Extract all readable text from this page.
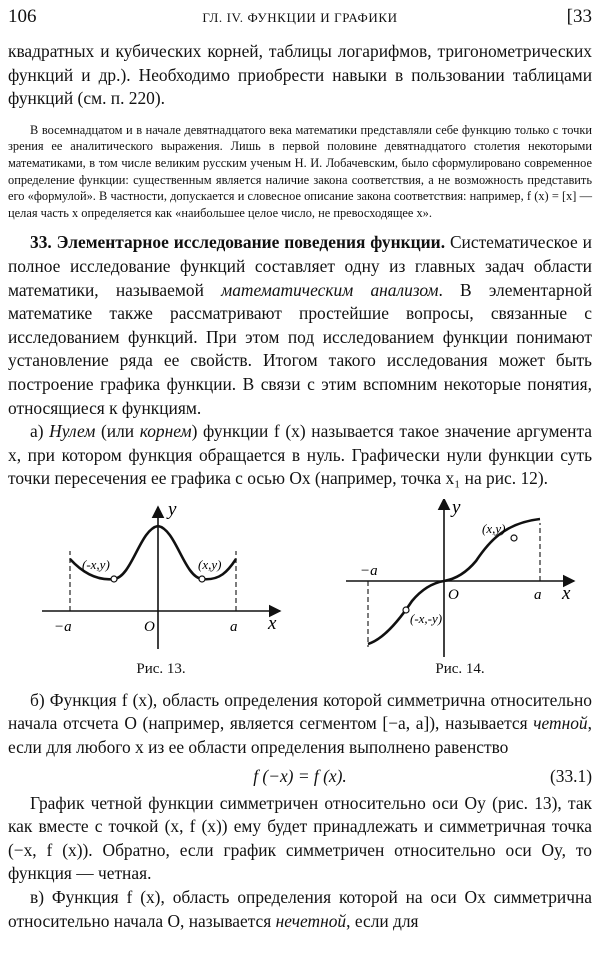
106	ГЛ. IV. ФУНКЦИИ И ГРАФИКИ	[33

квадратных и кубических корней, таблицы логарифмов, тригонометрических функций и др.). Необходимо приобрести навыки в пользовании таблицами функций (см. п. 220).

В восемнадцатом и в начале девятнадцатого века математики представляли себе функцию только с точки зрения ее аналитического выражения. Лишь в первой половине девятнадцатого столетия некоторыми математиками, в том числе великим русским ученым Н. И. Лобачевским, было сформулировано современное определение функции: существенным является наличие закона соответствия, а не возможность представить его «формулой». В частности, допускается и словесное описание закона соответствия: например, f (x) = [x] — целая часть x определяется как «наибольшее целое число, не превосходящее x».

33. Элементарное исследование поведения функции. Систематическое и полное исследование функций составляет одну из главных задач области математики, называемой математическим анализом. В элементарной математике также рассматривают простейшие вопросы, связанные с исследованием функций. При этом под исследованием функции понимают установление ряда ее свойств. Итогом такого исследования может быть построение графика функции. В связи с этим вспомним некоторые понятия, относящиеся к функциям.

а) Нулем (или корнем) функции f (x) называется такое значение аргумента x, при котором функция обращается в нуль. Графически нули функции суть точки пересечения ее графика с осью Ox (например, точка x₁ на рис. 12).

y
x
O
−a	a
(-x,y)	(x,y)
Рис. 13.
y
x
O
−a
a
(x,y)
(-x,-y)
Рис. 14.

б) Функция f (x), область определения которой симметрична относительно начала отсчета O (например, является сегментом [−a, a]), называется четной, если для любого x из ее области определения выполнено равенство

f (−x) = f (x).	(33.1)

График четной функции симметричен относительно оси Oy (рис. 13), так как вместе с точкой (x, f (x)) ему будет принадлежать и симметричная точка (−x, f (x)). Обратно, если график симметричен относительно оси Oy, то функция — четная.

в) Функция f (x), область определения которой на оси Ox симметрична относительно начала O, называется нечетной, если для
